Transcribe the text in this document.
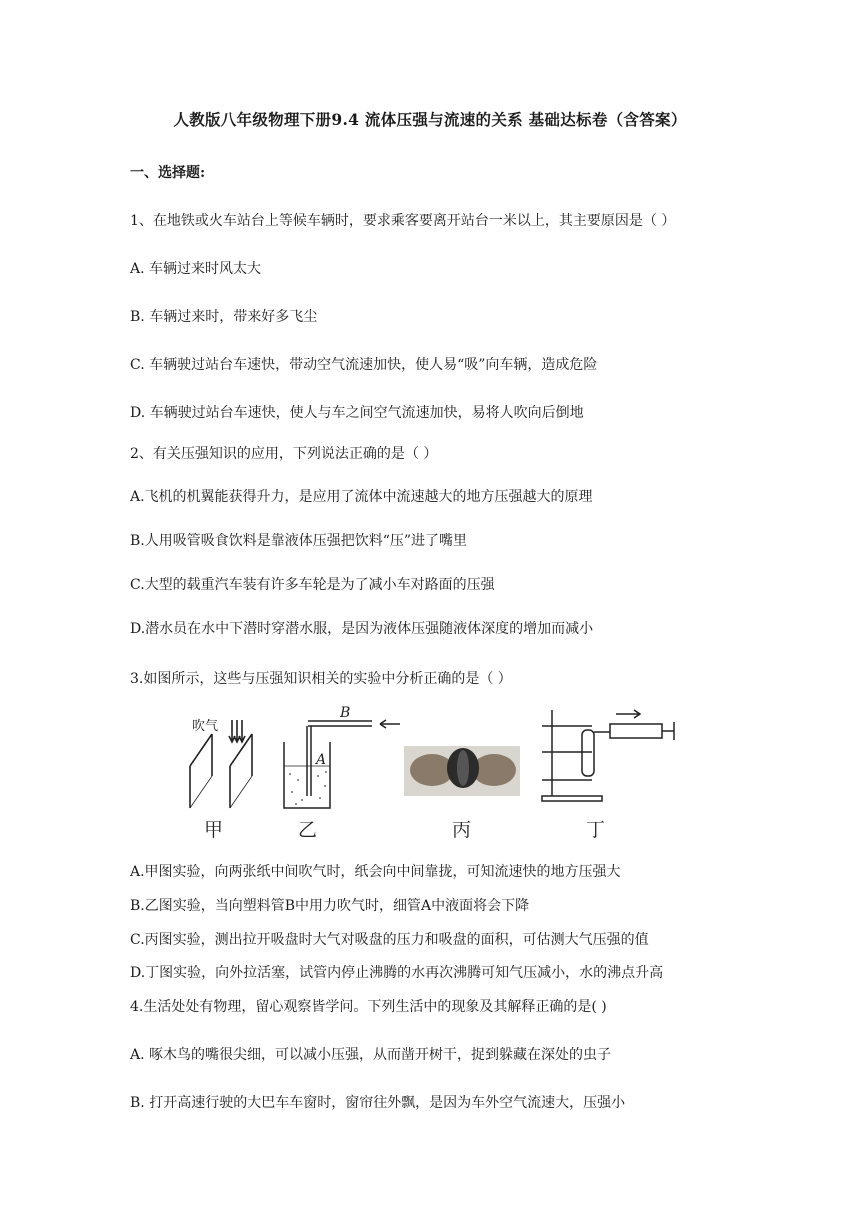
人教版八年级物理下册9.4 流体压强与流速的关系 基础达标卷（含答案）
一、选择题:
1、在地铁或火车站台上等候车辆时，要求乘客要离开站台一米以上，其主要原因是（ ）
A. 车辆过来时风太大
B. 车辆过来时，带来好多飞尘
C. 车辆驶过站台车速快，带动空气流速加快，使人易“吸”向车辆，造成危险
D. 车辆驶过站台车速快，使人与车之间空气流速加快，易将人吹向后倒地
2、有关压强知识的应用，下列说法正确的是（ ）
A.飞机的机翼能获得升力，是应用了流体中流速越大的地方压强越大的原理
B.人用吸管吸食饮料是靠液体压强把饮料“压”进了嘴里
C.大型的载重汽车装有许多车轮是为了减小车对路面的压强
D.潜水员在水中下潜时穿潜水服，是因为液体压强随液体深度的增加而减小
3.如图所示，这些与压强知识相关的实验中分析正确的是（ ）
吹气
B
A
甲	乙	丙	丁
A.甲图实验，向两张纸中间吹气时，纸会向中间靠拢，可知流速快的地方压强大
B.乙图实验，当向塑料管B中用力吹气时，细管A中液面将会下降
C.丙图实验，测出拉开吸盘时大气对吸盘的压力和吸盘的面积，可估测大气压强的值
D.丁图实验，向外拉活塞，试管内停止沸腾的水再次沸腾可知气压减小，水的沸点升高
4.生活处处有物理，留心观察皆学问。下列生活中的现象及其解释正确的是( )
A. 啄木鸟的嘴很尖细，可以减小压强，从而凿开树干，捉到躲藏在深处的虫子
B. 打开高速行驶的大巴车车窗时，窗帘往外飘，是因为车外空气流速大，压强小
